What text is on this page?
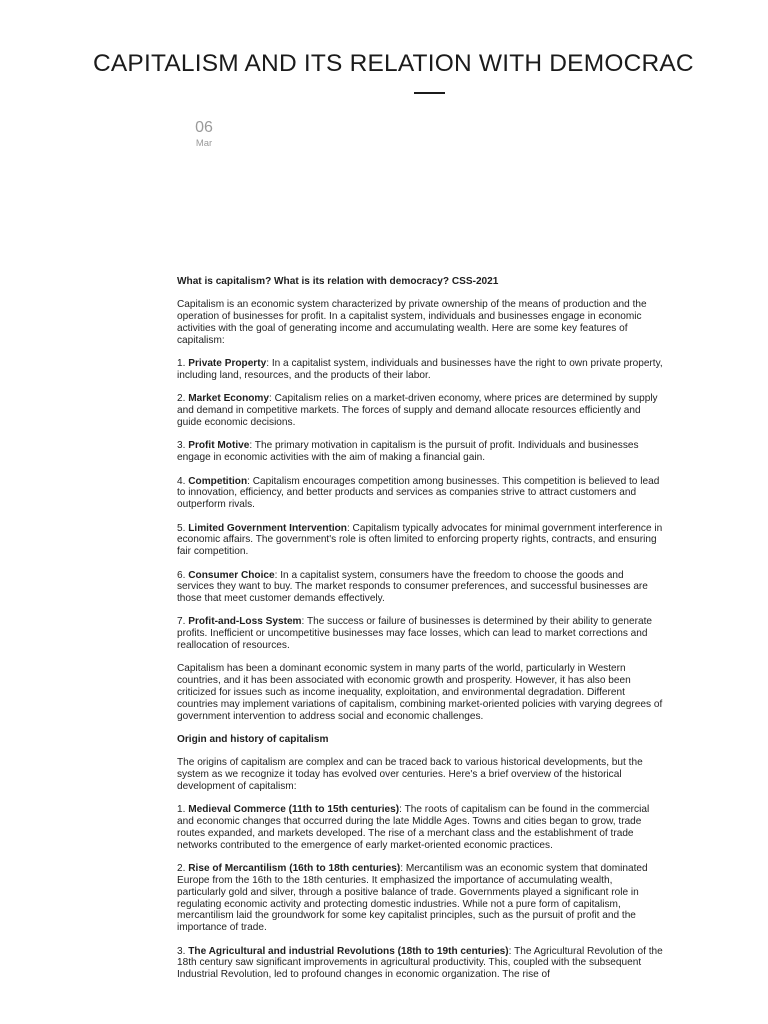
CAPITALISM AND ITS RELATION WITH DEMOCRAC
06
Mar

What is capitalism? What is its relation with democracy? CSS-2021

Capitalism is an economic system characterized by private ownership of the means of production and the operation of businesses for profit. In a capitalist system, individuals and businesses engage in economic activities with the goal of generating income and accumulating wealth. Here are some key features of capitalism:

1. Private Property: In a capitalist system, individuals and businesses have the right to own private property, including land, resources, and the products of their labor.

2. Market Economy: Capitalism relies on a market-driven economy, where prices are determined by supply and demand in competitive markets. The forces of supply and demand allocate resources efficiently and guide economic decisions.

3. Profit Motive: The primary motivation in capitalism is the pursuit of profit. Individuals and businesses engage in economic activities with the aim of making a financial gain.

4. Competition: Capitalism encourages competition among businesses. This competition is believed to lead to innovation, efficiency, and better products and services as companies strive to attract customers and outperform rivals.

5. Limited Government Intervention: Capitalism typically advocates for minimal government interference in economic affairs. The government's role is often limited to enforcing property rights, contracts, and ensuring fair competition.

6. Consumer Choice: In a capitalist system, consumers have the freedom to choose the goods and services they want to buy. The market responds to consumer preferences, and successful businesses are those that meet customer demands effectively.

7. Profit-and-Loss System: The success or failure of businesses is determined by their ability to generate profits. Inefficient or uncompetitive businesses may face losses, which can lead to market corrections and reallocation of resources.

Capitalism has been a dominant economic system in many parts of the world, particularly in Western countries, and it has been associated with economic growth and prosperity. However, it has also been criticized for issues such as income inequality, exploitation, and environmental degradation. Different countries may implement variations of capitalism, combining market-oriented policies with varying degrees of government intervention to address social and economic challenges.

Origin and history of capitalism

The origins of capitalism are complex and can be traced back to various historical developments, but the system as we recognize it today has evolved over centuries. Here's a brief overview of the historical development of capitalism:

1. Medieval Commerce (11th to 15th centuries): The roots of capitalism can be found in the commercial and economic changes that occurred during the late Middle Ages. Towns and cities began to grow, trade routes expanded, and markets developed. The rise of a merchant class and the establishment of trade networks contributed to the emergence of early market-oriented economic practices.

2. Rise of Mercantilism (16th to 18th centuries): Mercantilism was an economic system that dominated Europe from the 16th to the 18th centuries. It emphasized the importance of accumulating wealth, particularly gold and silver, through a positive balance of trade. Governments played a significant role in regulating economic activity and protecting domestic industries. While not a pure form of capitalism, mercantilism laid the groundwork for some key capitalist principles, such as the pursuit of profit and the importance of trade.

3. The Agricultural and industrial Revolutions (18th to 19th centuries): The Agricultural Revolution of the 18th century saw significant improvements in agricultural productivity. This, coupled with the subsequent Industrial Revolution, led to profound changes in economic organization. The rise of
